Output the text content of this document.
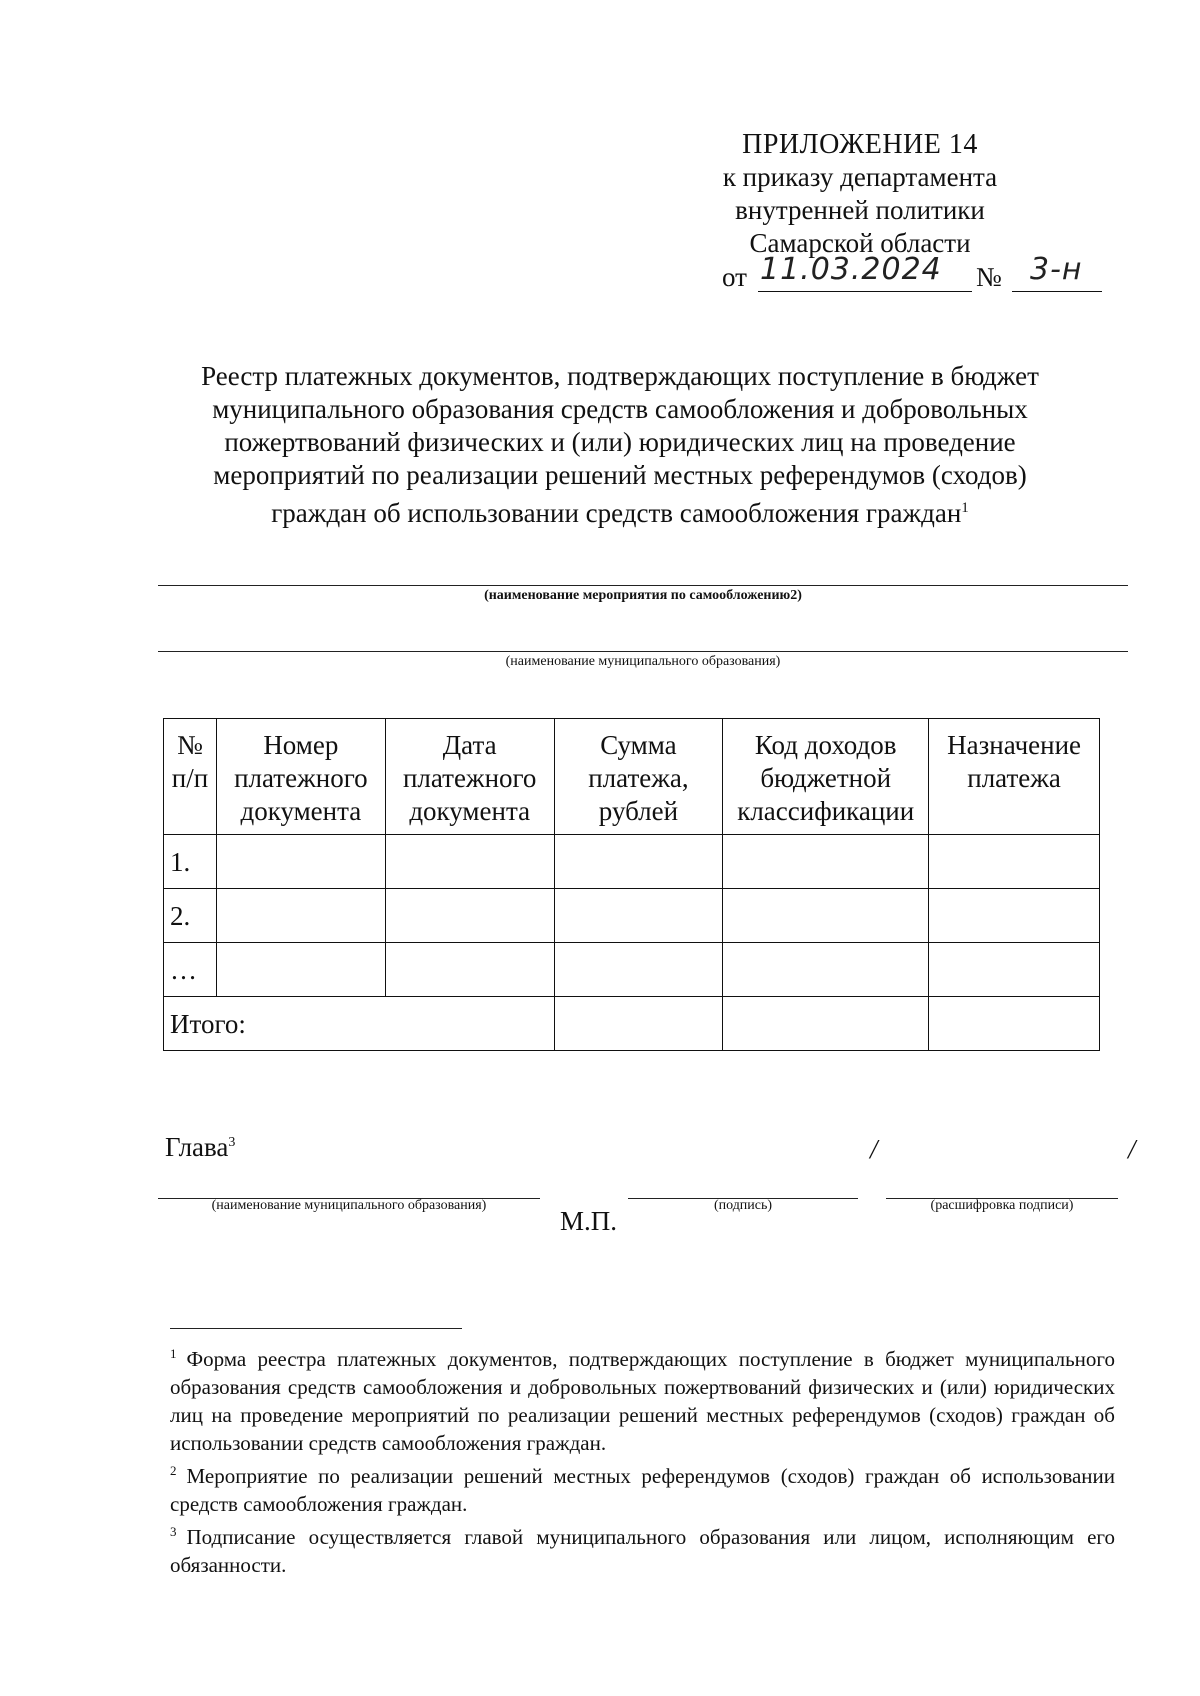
ПРИЛОЖЕНИЕ 14
к приказу департамента
внутренней политики
Самарской области
от 11.03.2024 № 3-н
Реестр платежных документов, подтверждающих поступление в бюджет
муниципального образования средств самообложения и добровольных
пожертвований физических и (или) юридических лиц на проведение
мероприятий по реализации решений местных референдумов (сходов)
граждан об использовании средств самообложения граждан$^1$
(наименование мероприятия по самообложению2)
(наименование муниципального образования)
№ п/п	Номер платежного документа	Дата платежного документа	Сумма платежа, рублей	Код доходов бюджетной классификации	Назначение платежа
1.					
2.					
…					
Итого:					
Глава$^3$	/	/
(наименование муниципального образования)
М.П.
(подпись)	(расшифровка подписи)

$^1$ Форма реестра платежных документов, подтверждающих поступление в бюджет муниципального образования средств самообложения и добровольных пожертвований физических и (или) юридических лиц на проведение мероприятий по реализации решений местных референдумов (сходов) граждан об использовании средств самообложения граждан.

$^2$ Мероприятие по реализации решений местных референдумов (сходов) граждан об использовании средств самообложения граждан.

$^3$ Подписание осуществляется главой муниципального образования или лицом, исполняющим его обязанности.
